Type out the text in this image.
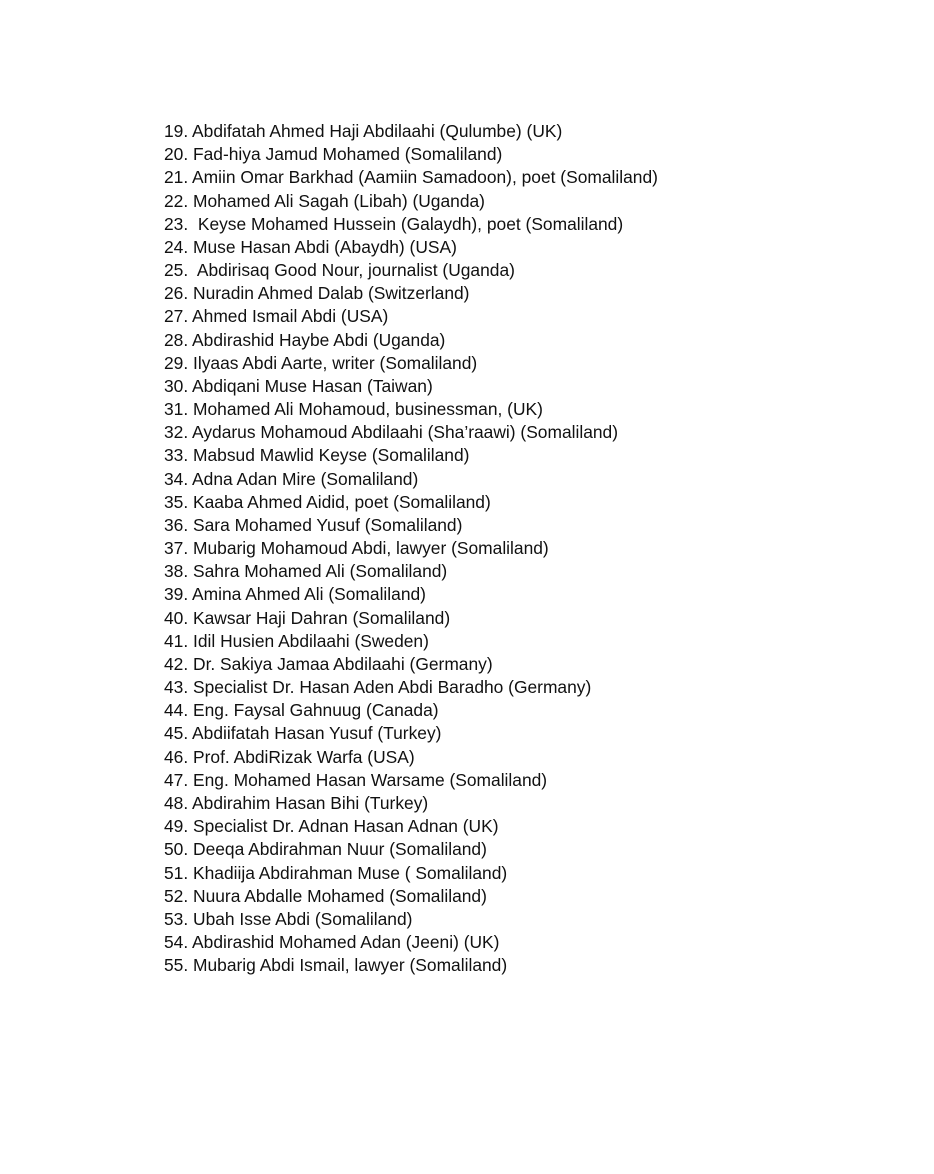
19. Abdifatah Ahmed Haji Abdilaahi (Qulumbe) (UK)
20. Fad-hiya Jamud Mohamed (Somaliland)
21. Amiin Omar Barkhad (Aamiin Samadoon), poet (Somaliland)
22. Mohamed Ali Sagah (Libah) (Uganda)
23.  Keyse Mohamed Hussein (Galaydh), poet (Somaliland)
24. Muse Hasan Abdi (Abaydh) (USA)
25.  Abdirisaq Good Nour, journalist (Uganda)
26. Nuradin Ahmed Dalab (Switzerland)
27. Ahmed Ismail Abdi (USA)
28. Abdirashid Haybe Abdi (Uganda)
29. Ilyaas Abdi Aarte, writer (Somaliland)
30. Abdiqani Muse Hasan (Taiwan)
31. Mohamed Ali Mohamoud, businessman, (UK)
32. Aydarus Mohamoud Abdilaahi (Sha’raawi) (Somaliland)
33. Mabsud Mawlid Keyse (Somaliland)
34. Adna Adan Mire (Somaliland)
35. Kaaba Ahmed Aidid, poet (Somaliland)
36. Sara Mohamed Yusuf (Somaliland)
37. Mubarig Mohamoud Abdi, lawyer (Somaliland)
38. Sahra Mohamed Ali (Somaliland)
39. Amina Ahmed Ali (Somaliland)
40. Kawsar Haji Dahran (Somaliland)
41. Idil Husien Abdilaahi (Sweden)
42. Dr. Sakiya Jamaa Abdilaahi (Germany)
43. Specialist Dr. Hasan Aden Abdi Baradho (Germany)
44. Eng. Faysal Gahnuug (Canada)
45. Abdiifatah Hasan Yusuf (Turkey)
46. Prof. AbdiRizak Warfa (USA)
47. Eng. Mohamed Hasan Warsame (Somaliland)
48. Abdirahim Hasan Bihi (Turkey)
49. Specialist Dr. Adnan Hasan Adnan (UK)
50. Deeqa Abdirahman Nuur (Somaliland)
51. Khadiija Abdirahman Muse ( Somaliland)
52. Nuura Abdalle Mohamed (Somaliland)
53. Ubah Isse Abdi (Somaliland)
54. Abdirashid Mohamed Adan (Jeeni) (UK)
55. Mubarig Abdi Ismail, lawyer (Somaliland)
